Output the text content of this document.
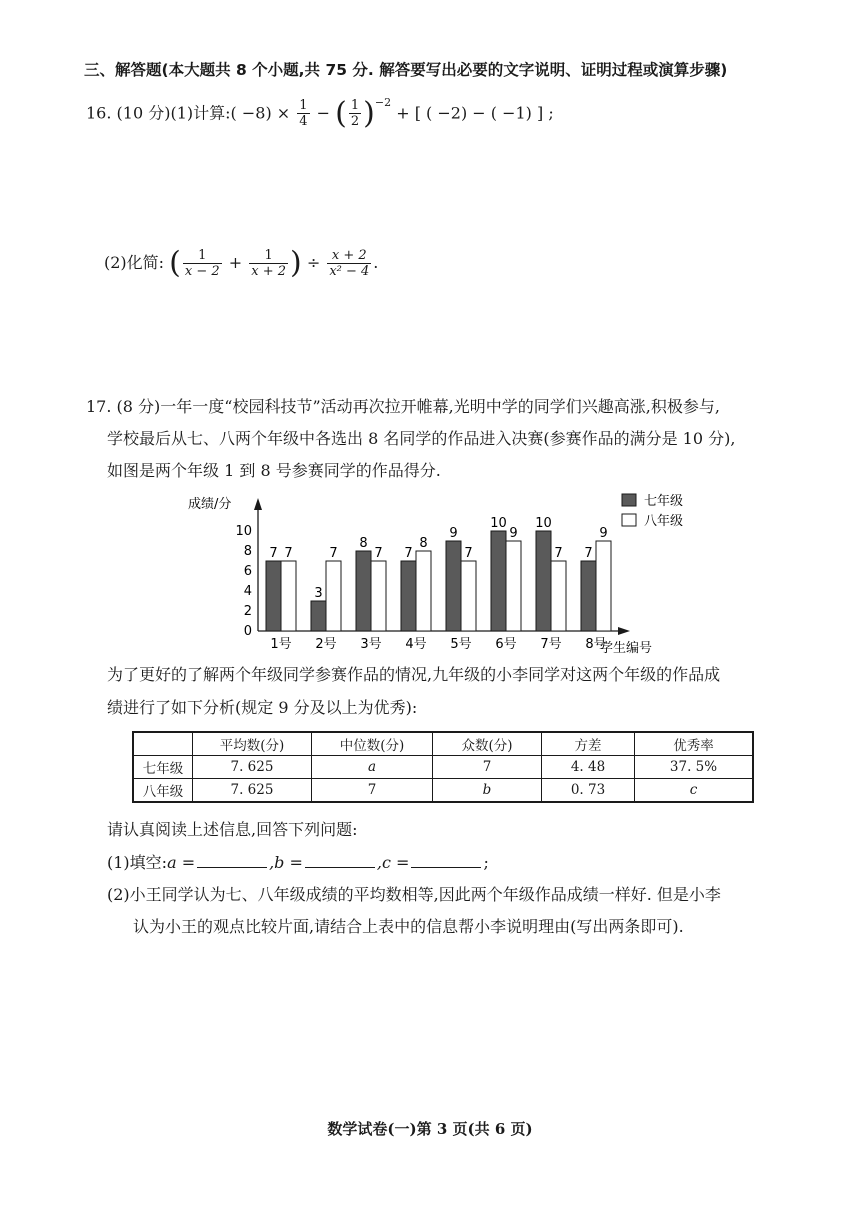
三、解答题(本大题共 8 个小题,共 75 分. 解答要写出必要的文字说明、证明过程或演算步骤)
16. (10 分)(1)计算:( $-8) \times \frac{1}{4}$ − ( $\frac{1}{2} )^{-2}$ + [ ( −2) − ( −1) ] ;
(2)化简: ( $\frac{1}{x - 2} + \frac{1}{x + 2}$ ) ÷ $\frac{x + 2}{\text{x² − 4}}$ .
17. (8 分)一年一度“校园科技节”活动再次拉开帷幕,光明中学的同学们兴趣高涨,积极参与,
学校最后从七、八两个年级中各选出 8 名同学的作品进入决赛(参赛作品的满分是 10 分),
如图是两个年级 1 到 8 号参赛同学的作品得分.
成绩/分
学生编号
0
2
4
6
8
10
7 7
1号
3
7
2号
8
7
3号
7
8
4号
9
7
5号
10
9
6号
10
7
7号
7
9
8号
七年级
八年级
为了更好的了解两个年级同学参赛作品的情况,九年级的小李同学对这两个年级的作品成
绩进行了如下分析(规定 9 分及以上为优秀):
	平均数(分)	中位数(分)	众数(分)	方差	优秀率
七年级	7. 625	a	7	4. 48	37. 5%
八年级	7. 625	7	b	0. 73	c
请认真阅读上述信息,回答下列问题:
(1)填空:a =	,b =	,c =	;
(2)小王同学认为七、八年级成绩的平均数相等,因此两个年级作品成绩一样好. 但是小李
认为小王的观点比较片面,请结合上表中的信息帮小李说明理由(写出两条即可).
数学试卷(一)第 3 页(共 6 页)
